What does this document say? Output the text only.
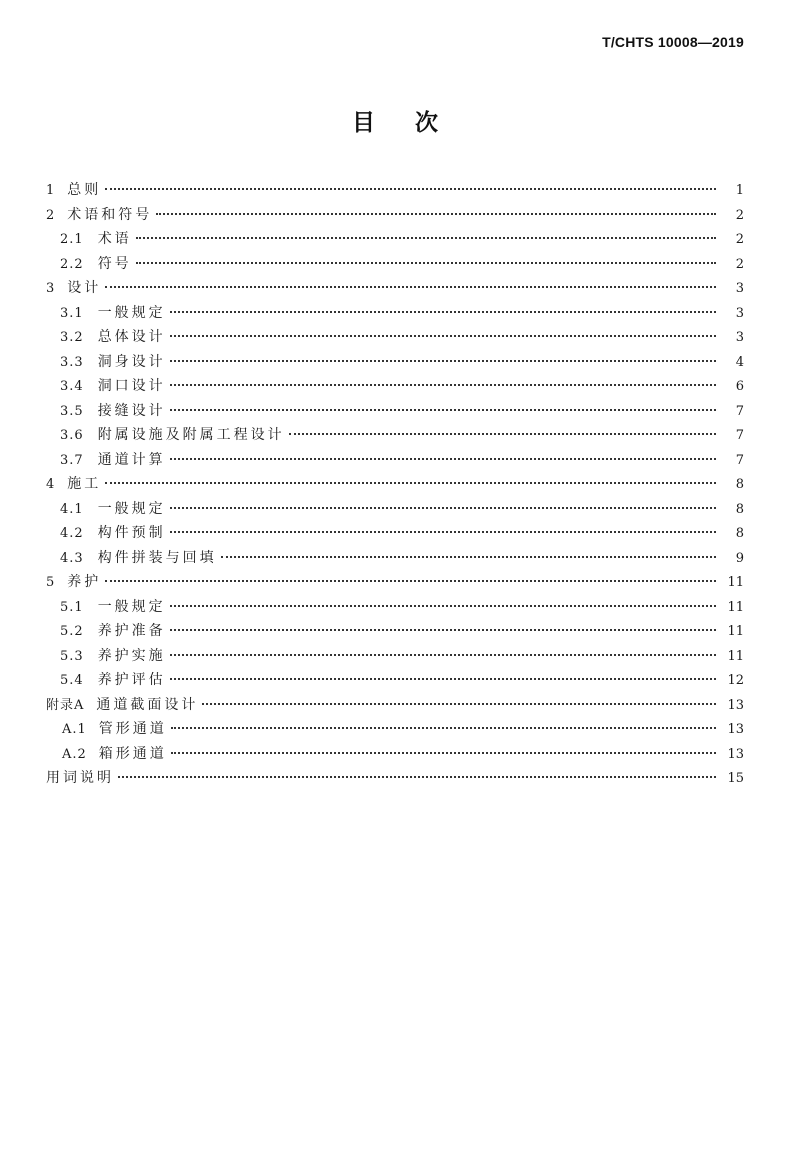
T/CHTS 10008—2019
目次
1 总则	1
2 术语和符号	2
2.1 术语	2
2.2 符号	2
3 设计	3
3.1 一般规定	3
3.2 总体设计	3
3.3 洞身设计	4
3.4 洞口设计	6
3.5 接缝设计	7
3.6 附属设施及附属工程设计	7
3.7 通道计算	7
4 施工	8
4.1 一般规定	8
4.2 构件预制	8
4.3 构件拼装与回填	9
5 养护	11
5.1 一般规定	11
5.2 养护准备	11
5.3 养护实施	11
5.4 养护评估	12
附录A 通道截面设计	13
A.1 管形通道	13
A.2 箱形通道	13
用词说明	15
